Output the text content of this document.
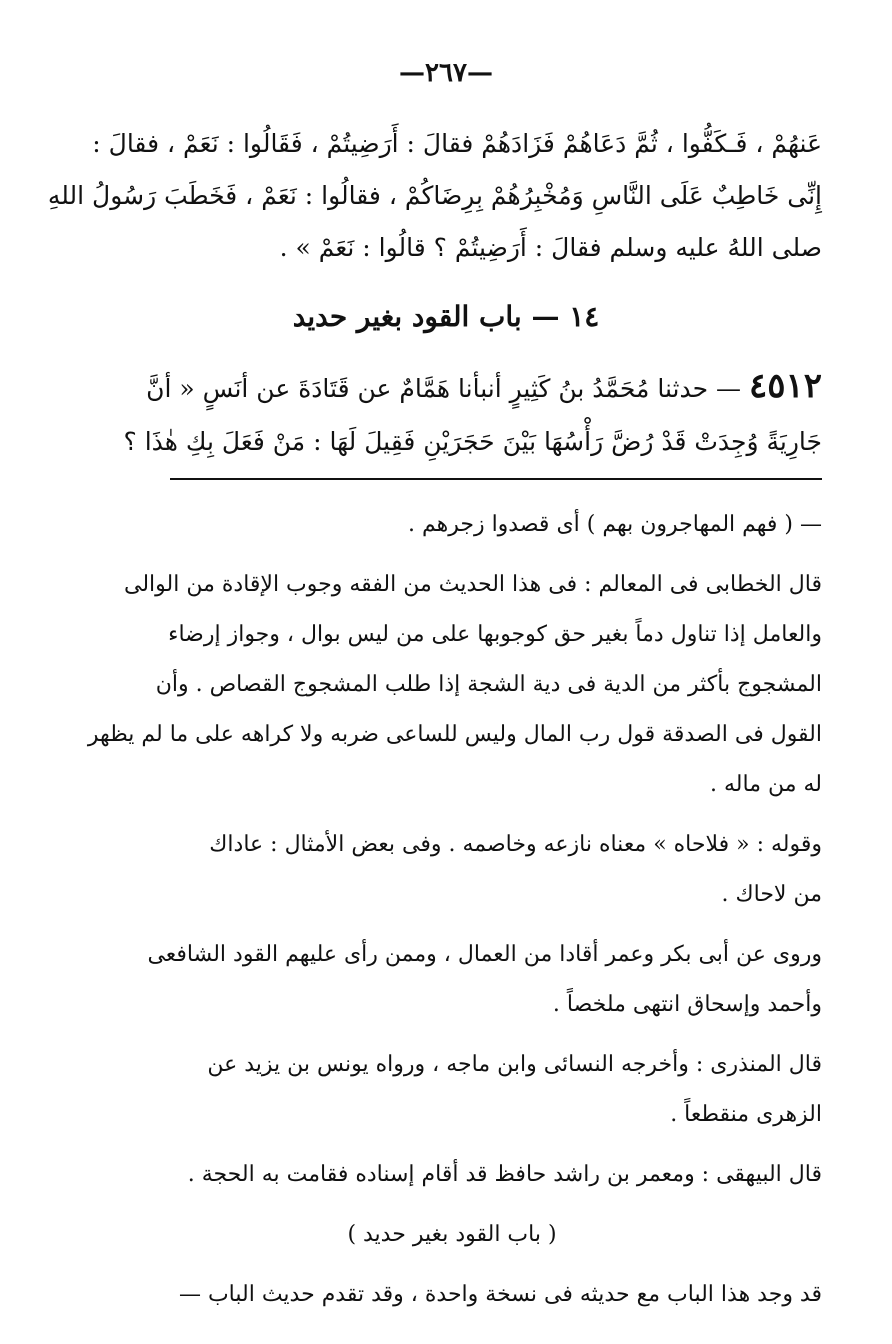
—٢٦٧—
عَنهُمْ ، فَـكَفُّوا ، ثُمَّ دَعَاهُمْ فَزَادَهُمْ فقالَ : أَرَضِيتُمْ ، فَقَالُوا : نَعَمْ ، فقالَ :
إِنِّى خَاطِبٌ عَلَى النَّاسِ وَمُخْبِرُهُمْ بِرِضَاكُمْ ، فقالُوا : نَعَمْ ، فَخَطَبَ رَسُولُ اللهِ
صلى اللهُ عليه وسلم فقالَ : أَرَضِيتُمْ ؟ قالُوا : نَعَمْ » .
١٤ — باب القود بغير حديد
٤٥١٢ — حدثنا مُحَمَّدُ بنُ كَثِيرٍ أنبأنا هَمَّامٌ عن قَتَادَةَ عن أنَسٍ « أنَّ
جَارِيَةً وُجِدَتْ قَدْ رُضَّ رَأْسُهَا بَيْنَ حَجَرَيْنِ فَقِيلَ لَهَا : مَنْ فَعَلَ بِكِ هٰذَا ؟

— ( فهم المهاجرون بهم ) أى قصدوا زجرهم .

قال الخطابى فى المعالم : فى هذا الحديث من الفقه وجوب الإقادة من الوالى
والعامل إذا تناول دماً بغير حق كوجوبها على من ليس بوال ، وجواز إرضاء
المشجوج بأكثر من الدية فى دية الشجة إذا طلب المشجوج القصاص . وأن
القول فى الصدقة قول رب المال وليس للساعى ضربه ولا كراهه على ما لم يظهر
له من ماله .

وقوله : « فلاحاه » معناه نازعه وخاصمه . وفى بعض الأمثال : عاداك
من لاحاك .

وروى عن أبى بكر وعمر أقادا من العمال ، وممن رأى عليهم القود الشافعى
وأحمد وإسحاق انتهى ملخصاً .

قال المنذرى : وأخرجه النسائى وابن ماجه ، ورواه يونس بن يزيد عن
الزهرى منقطعاً .

قال البيهقى : ومعمر بن راشد حافظ قد أقام إسناده فقامت به الحجة .

( باب القود بغير حديد )

قد وجد هذا الباب مع حديثه فى نسخة واحدة ، وقد تقدم حديث الباب —
